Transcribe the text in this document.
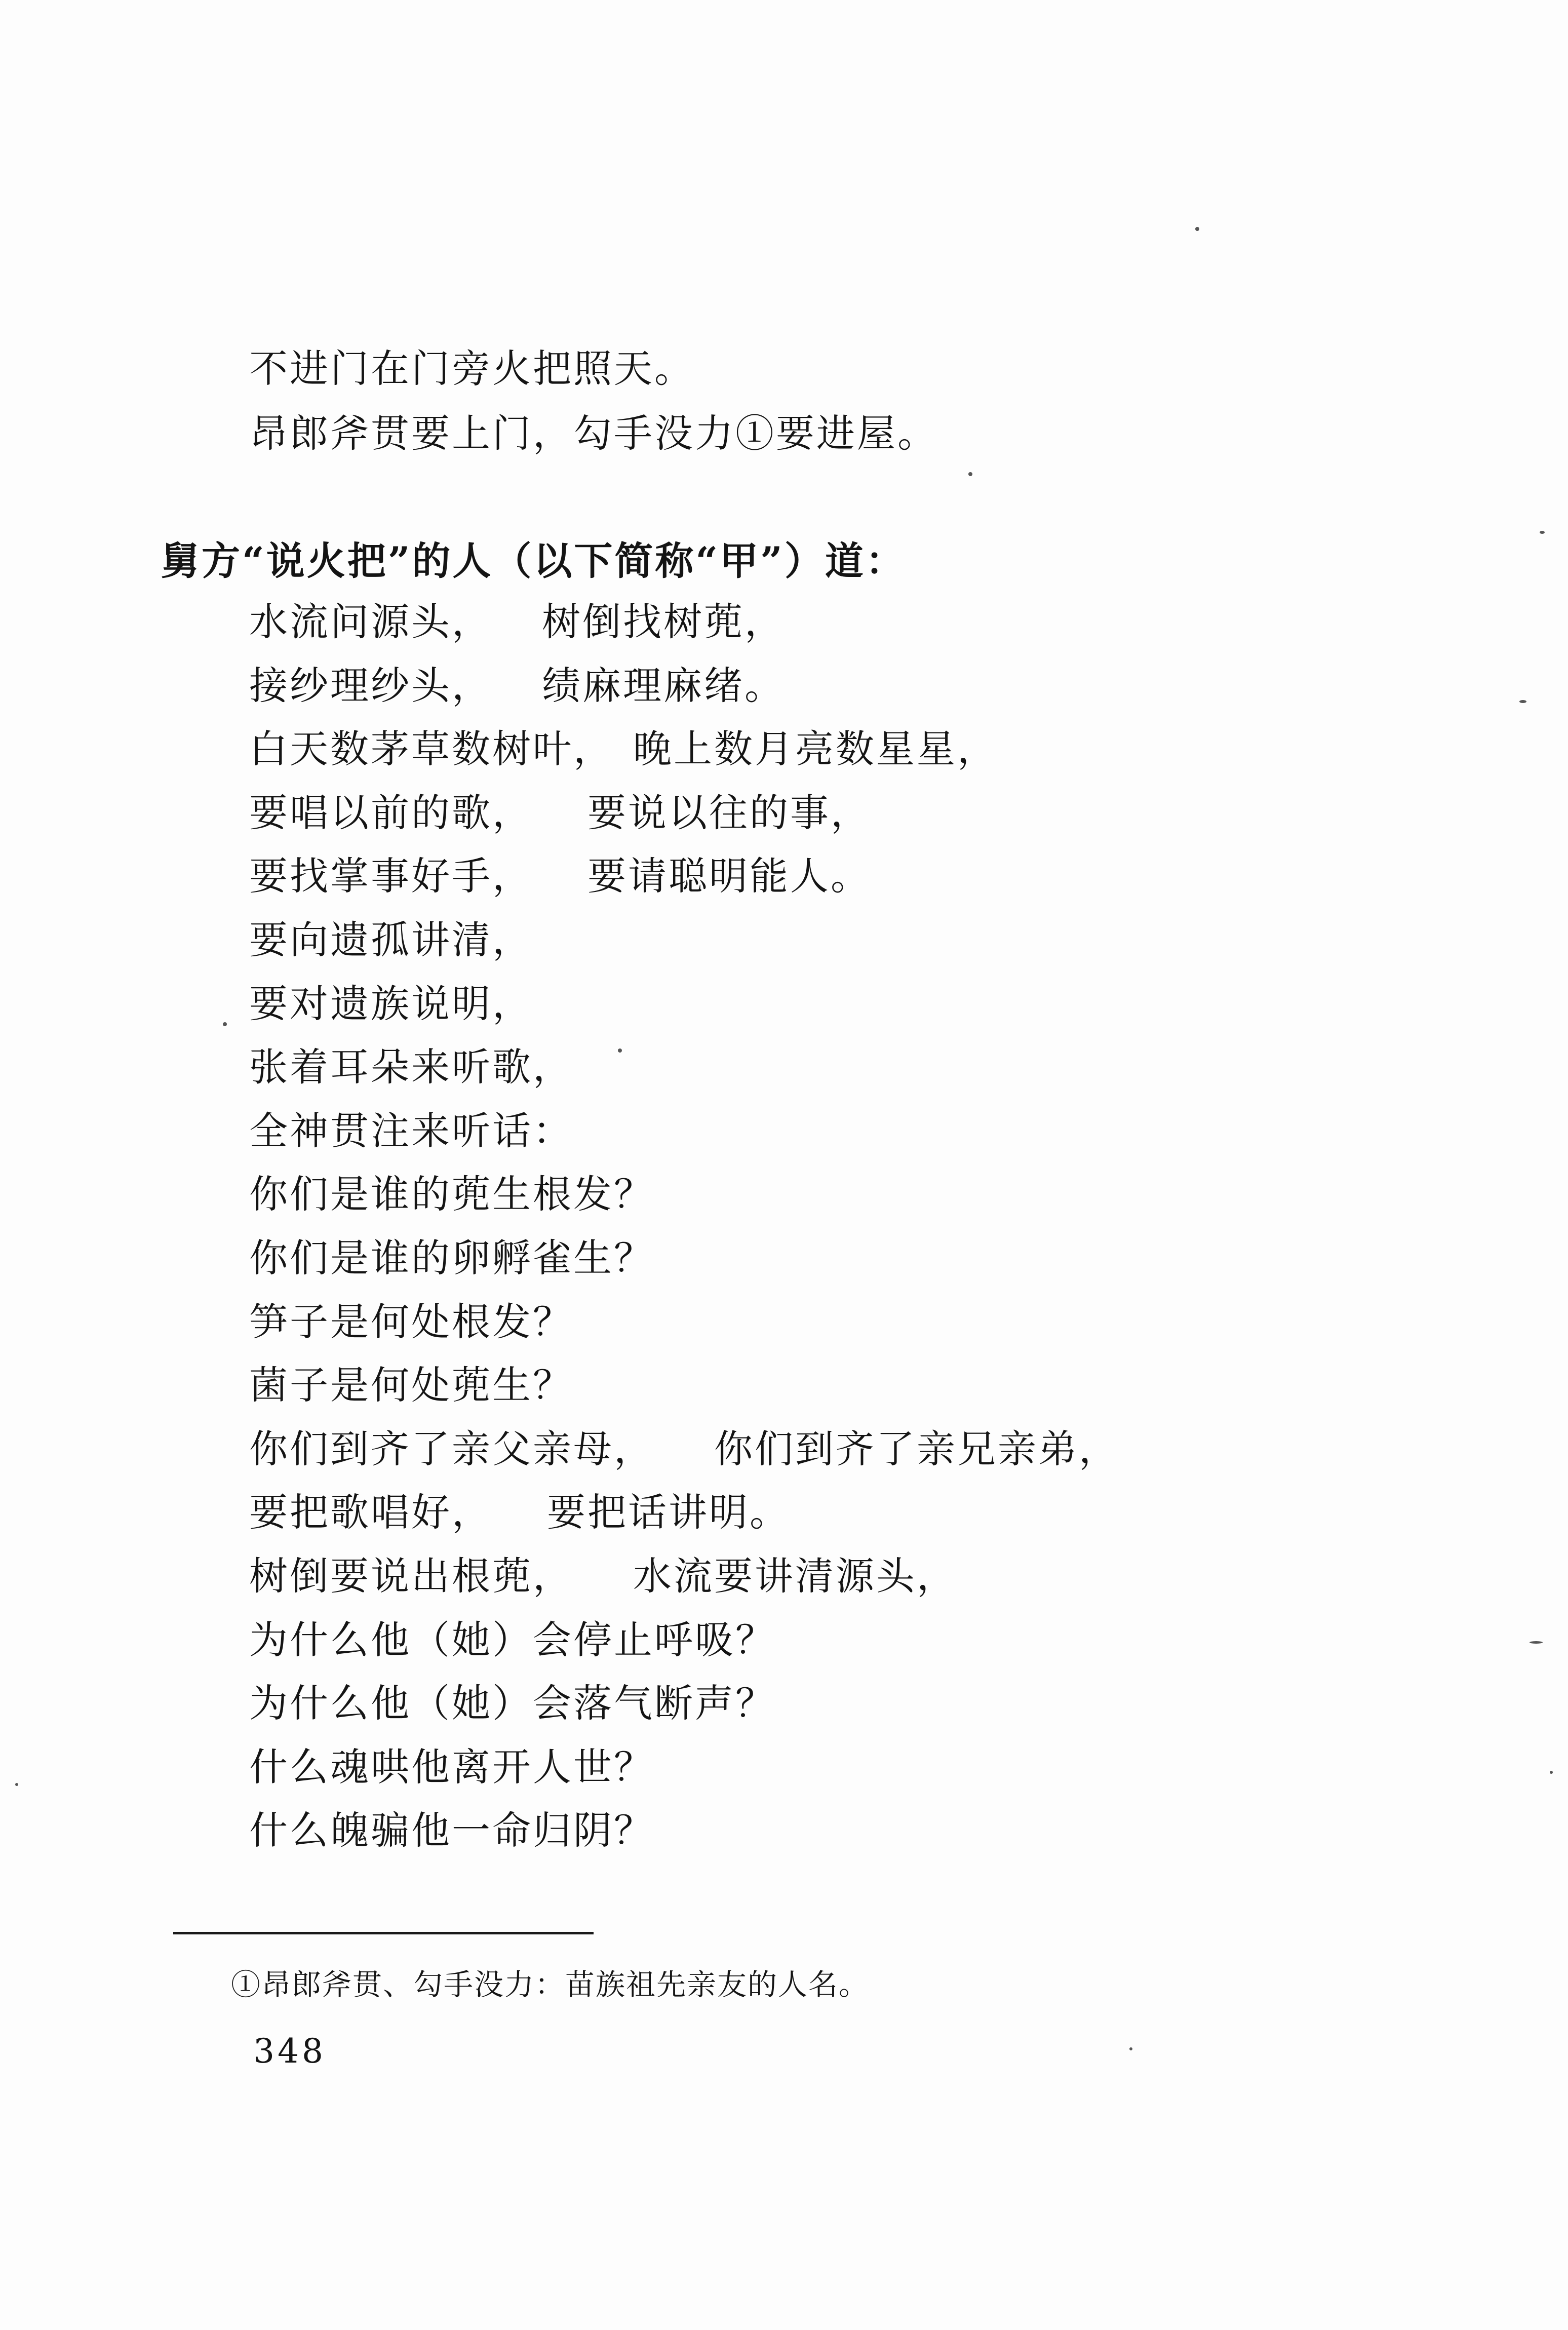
不进门在门旁火把照天。
昂郎斧贯要上门，勾手没力①要进屋。
舅方“说火把”的人（以下简称“甲”）道：
水流问源头， 树倒找树蔸，
接纱理纱头， 绩麻理麻绪。
白天数茅草数树叶， 晚上数月亮数星星，
要唱以前的歌， 要说以往的事，
要找掌事好手， 要请聪明能人。
要向遗孤讲清，
要对遗族说明，
张着耳朵来听歌，
全神贯注来听话：
你们是谁的蔸生根发？
你们是谁的卵孵雀生？
笋子是何处根发？
菌子是何处蔸生？
你们到齐了亲父亲母， 你们到齐了亲兄亲弟，
要把歌唱好， 要把话讲明。
树倒要说出根蔸， 水流要讲清源头，
为什么他（她）会停止呼吸？
为什么他（她）会落气断声？
什么魂哄他离开人世？
什么魄骗他一命归阴？
①昂郎斧贯、勾手没力：苗族祖先亲友的人名。
348
